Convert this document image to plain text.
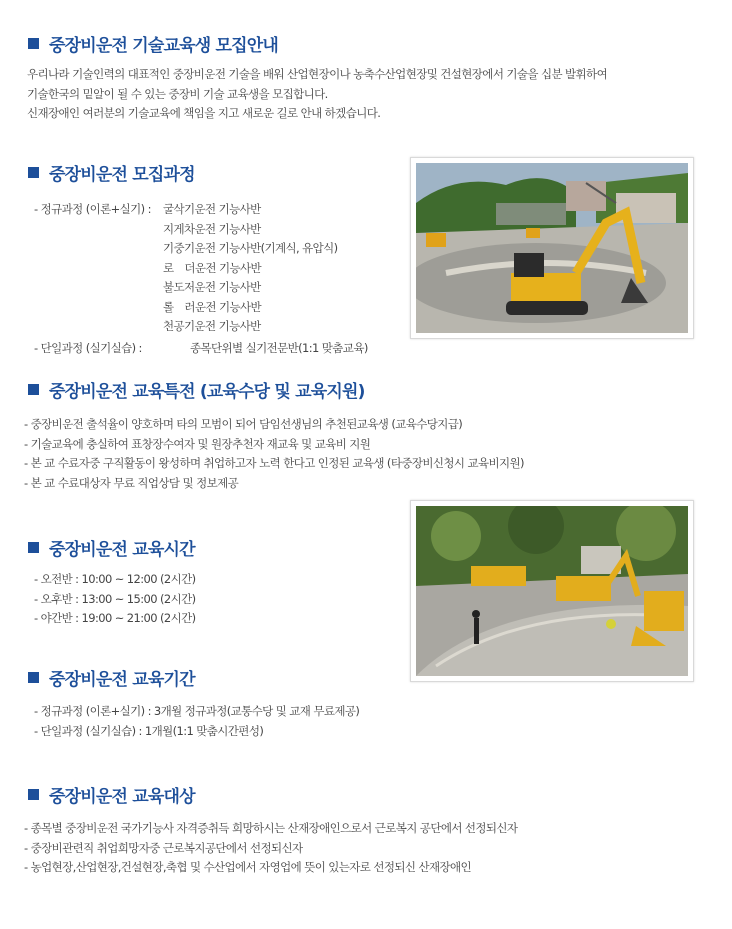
중장비운전 기술교육생 모집안내
우리나라 기술인력의 대표적인 중장비운전 기술을 배워 산업현장이나 농축수산업현장및 건설현장에서 기술을 십분 발휘하여
기술한국의 밑알이 될 수 있는 중장비 기술 교육생을 모집합니다.
신재장애인 여러분의 기술교육에 책임을 지고 새로운 길로 안내 하겠습니다.
중장비운전 모집과정
- 정규과정 (이론+실기) : 굴삭기운전 기능사반
지게차운전 기능사반
기중기운전 기능사반(기계식, 유압식)
로　더운전 기능사반
불도저운전 기능사반
롤　러운전 기능사반
천공기운전 기능사반
- 단일과정 (실기실습) :	종목단위별 실기전문반(1:1 맞춤교육)
중장비운전 교육특전 (교육수당 및 교육지원)
- 중장비운전 출석율이 양호하며 타의 모범이 되어 담임선생님의 추천된교육생 (교육수당지급)
- 기술교육에 충실하여 표창장수여자 및 원장추천자 재교육 및 교육비 지원
- 본 교 수료자중 구직활동이 왕성하며 취업하고자 노력 한다고 인정된 교육생 (타중장비신청시 교육비지원)
- 본 교 수료대상자 무료 직업상담 및 정보제공
중장비운전 교육시간
- 오전반 : 10:00 ~ 12:00 (2시간)
- 오후반 : 13:00 ~ 15:00 (2시간)
- 야간반 : 19:00 ~ 21:00 (2시간)
중장비운전 교육기간
- 정규과정 (이론+실기) : 3개월 정규과정(교통수당 및 교재 무료제공)
- 단일과정 (실기실습) : 1개월(1:1 맞춤시간편성)
중장비운전 교육대상
- 종목별 중장비운전 국가기능사 자격증취득 희망하시는 산재장애인으로서 근로복지 공단에서 선정되신자
- 중장비관련직 취업희망자중 근로복지공단에서 선정되신자
- 농업현장,산업현장,건설현장,축협 및 수산업에서 자영업에 뜻이 있는자로 선정되신 산재장애인
